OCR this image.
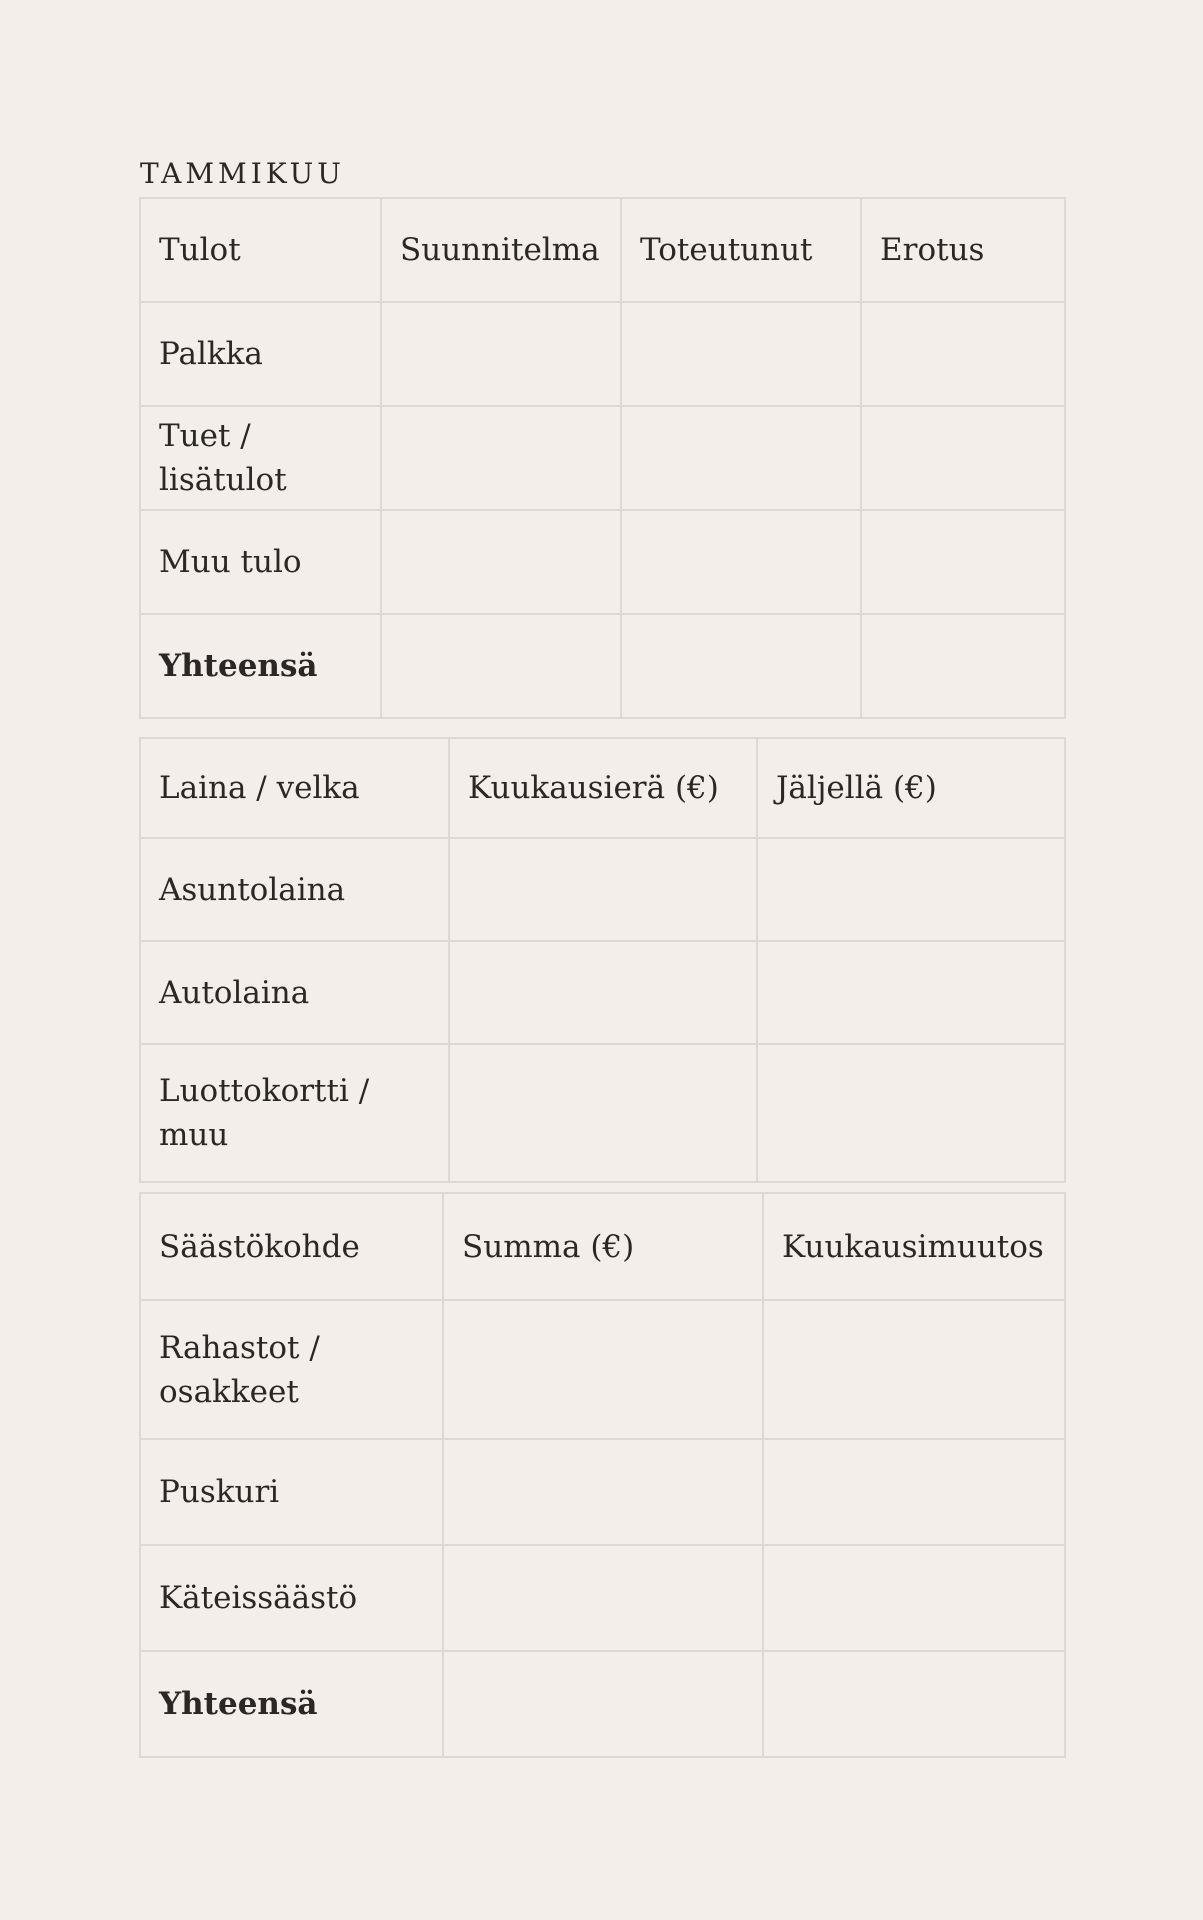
TAMMIKUU
Tulot	Suunnitelma	Toteutunut	Erotus
Palkka			
Tuet / lisätulot			
Muu tulo			
Yhteensä			
Laina / velka	Kuukausierä (€)	Jäljellä (€)
Asuntolaina		
Autolaina		
Luottokortti / muu		
Säästökohde	Summa (€)	Kuukausimuutos
Rahastot / osakkeet		
Puskuri		
Käteissäästö		
Yhteensä		
